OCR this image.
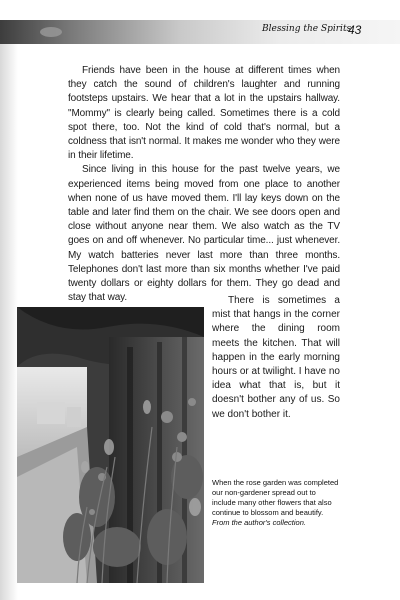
Blessing the Spirits
43

Friends have been in the house at different times when they catch the sound of children's laughter and running footsteps upstairs. We hear that a lot in the upstairs hallway. "Mommy" is clearly being called. Sometimes there is a cold spot there, too. Not the kind of cold that's normal, but a coldness that isn't normal. It makes me wonder who they were in their lifetime.

Since living in this house for the past twelve years, we experienced items being moved from one place to another when none of us have moved them. I'll lay keys down on the table and later find them on the chair. We see doors open and close without anyone near them. We also watch as the TV goes on and off whenever. No particular time... just whenever. My watch batteries never last more than three months. Telephones don't last more than six months whether I've paid twenty dollars or eighty dollars for them. They go dead and stay that way.	There is sometimes a mist that hangs in the corner where the dining room meets the kitchen. That will happen in the early morning hours or at twilight. I have no idea what that is, but it doesn't bother any of us. So we don't bother it.

When the rose garden was completed our non-gardener spread out to include many other flowers that also continue to blossom and beautify. From the author's collection.
